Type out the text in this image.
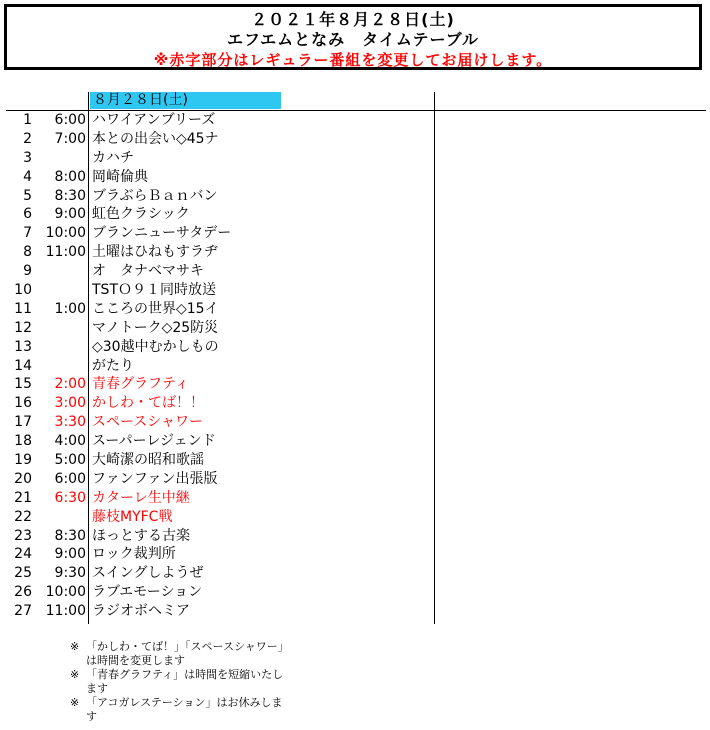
２０２１年８月２８日(土)
エフエムとなみ　タイムテーブル
※赤字部分はレギュラー番組を変更してお届けします。
８月２８日(土)
1	6:00 ハワイアンブリーズ
2	7:00 本との出会い◇45ナ
3	カハチ
4	8:00 岡崎倫典
5	8:30 ブラぶらＢａｎバン
6	9:00 虹色クラシック
7 10:00 ブランニューサタデー
8 11:00 土曜はひねもすラヂ
9	オ　タナベマサキ
10	TSTＯ９１同時放送
11	1:00 こころの世界◇15イ
12	マノトーク◇25防災
13	◇30越中むかしもの
14	がたり
15	2:00 青春グラフティ
16	3:00 かしわ・てば！！
17	3:30 スペースシャワー
18	4:00 スーパーレジェンド
19	5:00 大崎潔の昭和歌謡
20	6:00 ファンファン出張版
21	6:30 カターレ生中継
22	藤枝MYFC戦
23	8:30 ほっとする古楽
24	9:00 ロック裁判所
25	9:30 スイングしようぜ
26 10:00 ラブエモーション
27 11:00 ラジオボヘミア
※ 「かしわ・てば！」「スペースシャワー」は時間を変更します
※ 「青春グラフティ」は時間を短縮いたします
※ 「アコガレステーション」はお休みします
